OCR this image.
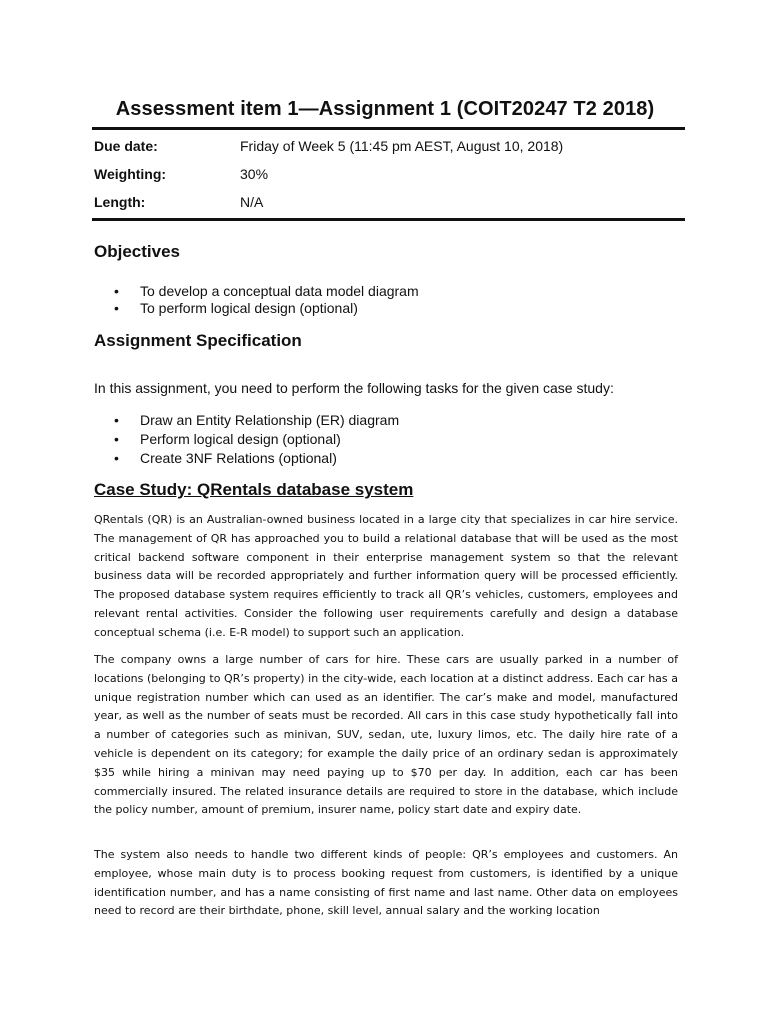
Assessment item 1—Assignment 1 (COIT20247 T2 2018)
Due date:	Friday of Week 5 (11:45 pm AEST, August 10, 2018)
Weighting:	30%
Length:	N/A
Objectives
• To develop a conceptual data model diagram
• To perform logical design (optional)
Assignment Specification
In this assignment, you need to perform the following tasks for the given case study:
• Draw an Entity Relationship (ER) diagram
• Perform logical design (optional)
• Create 3NF Relations (optional)
Case Study: QRentals database system

QRentals (QR) is an Australian-owned business located in a large city that specializes in car hire service. The management of QR has approached you to build a relational database that will be used as the most critical backend software component in their enterprise management system so that the relevant business data will be recorded appropriately and further information query will be processed efficiently. The proposed database system requires efficiently to track all QR’s vehicles, customers, employees and relevant rental activities. Consider the following user requirements carefully and design a database conceptual schema (i.e. E-R model) to support such an application.

The company owns a large number of cars for hire. These cars are usually parked in a number of locations (belonging to QR’s property) in the city-wide, each location at a distinct address. Each car has a unique registration number which can used as an identifier. The car’s make and model, manufactured year, as well as the number of seats must be recorded. All cars in this case study hypothetically fall into a number of categories such as minivan, SUV, sedan, ute, luxury limos, etc. The daily hire rate of a vehicle is dependent on its category; for example the daily price of an ordinary sedan is approximately $35 while hiring a minivan may need paying up to $70 per day. In addition, each car has been commercially insured. The related insurance details are required to store in the database, which include the policy number, amount of premium, insurer name, policy start date and expiry date.

The system also needs to handle two different kinds of people: QR’s employees and customers. An employee, whose main duty is to process booking request from customers, is identified by a unique identification number, and has a name consisting of first name and last name. Other data on employees need to record are their birthdate, phone, skill level, annual salary and the working location
